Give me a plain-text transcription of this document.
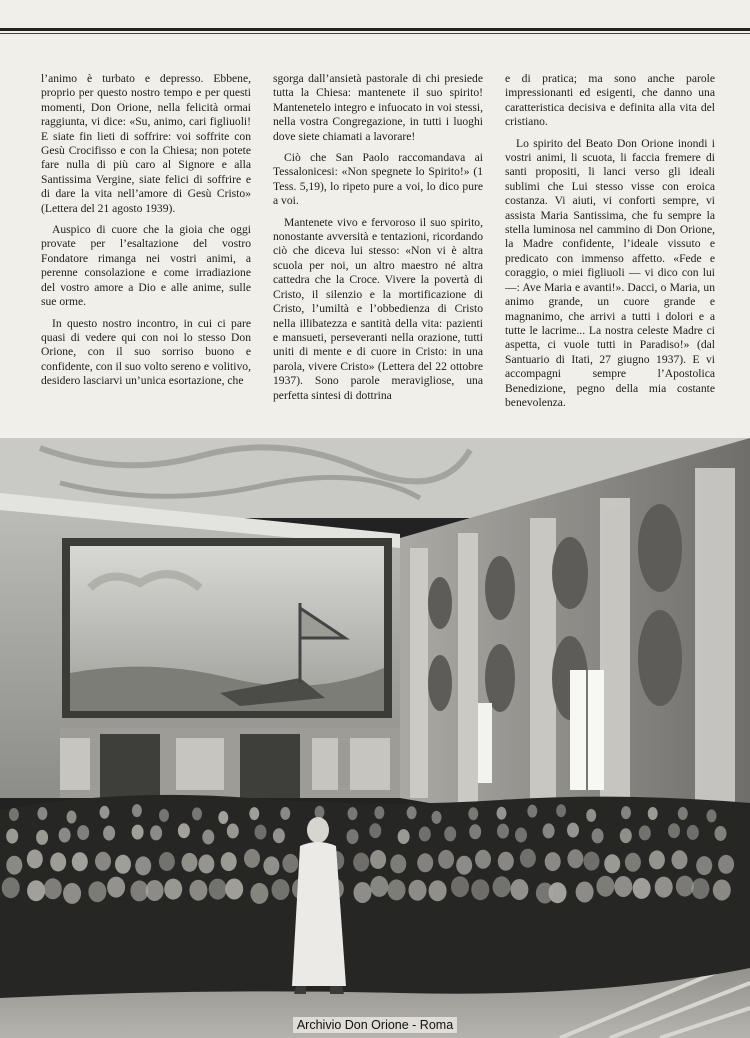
l’animo è turbato e depresso. Ebbene, proprio per questo nostro tempo e per questi momenti, Don Orione, nella felicità ormai raggiunta, vi dice: «Su, animo, cari figliuoli! E siate fin lieti di soffrire: voi soffrite con Gesù Crocifisso e con la Chiesa; non potete fare nulla di più caro al Signore e alla Santissima Vergine, siate felici di soffrire e di dare la vita nell’amore di Gesù Cristo» (Lettera del 21 agosto 1939).

Auspico di cuore che la gioia che oggi provate per l’esaltazione del vostro Fondatore rimanga nei vostri animi, a perenne consolazione e come irradiazione del vostro amore a Dio e alle anime, sulle sue orme.

In questo nostro incontro, in cui ci pare quasi di vedere qui con noi lo stesso Don Orione, con il suo sorriso buono e confidente, con il suo volto sereno e volitivo, desidero lasciarvi un’unica esortazione, che

sgorga dall’ansietà pastorale di chi presiede tutta la Chiesa: mantenete il suo spirito! Mantenetelo integro e infuocato in voi stessi, nella vostra Congregazione, in tutti i luoghi dove siete chiamati a lavorare!

Ciò che San Paolo raccomandava ai Tessalonicesi: «Non spegnete lo Spirito!» (1 Tess. 5,19), lo ripeto pure a voi, lo dico pure a voi.

Mantenete vivo e fervoroso il suo spirito, nonostante avversità e tentazioni, ricordando ciò che diceva lui stesso: «Non vi è altra scuola per noi, un altro maestro né altra cattedra che la Croce. Vivere la povertà di Cristo, il silenzio e la mortificazione di Cristo, l’umiltà e l’obbedienza di Cristo nella illibatezza e santità della vita: pazienti e mansueti, perseveranti nella orazione, tutti uniti di mente e di cuore in Cristo: in una parola, vivere Cristo» (Lettera del 22 ottobre 1937). Sono parole meravigliose, una perfetta sintesi di dottrina

e di pratica; ma sono anche parole impressionanti ed esigenti, che danno una caratteristica decisiva e definita alla vita del cristiano.

Lo spirito del Beato Don Orione inondi i vostri animi, li scuota, li faccia fremere di santi propositi, li lanci verso gli ideali sublimi che Lui stesso visse con eroica costanza. Vi aiuti, vi conforti sempre, vi assista Maria Santissima, che fu sempre la stella luminosa nel cammino di Don Orione, la Madre confidente, l’ideale vissuto e predicato con immenso affetto. «Fede e coraggio, o miei figliuoli — vi dico con lui —: Ave Maria e avanti!». Dacci, o Maria, un animo grande, un cuore grande e magnanimo, che arrivi a tutti i dolori e a tutte le lacrime... La nostra celeste Madre ci aspetta, ci vuole tutti in Paradiso!» (dal Santuario di Itati, 27 giugno 1937). E vi accompagni sempre l’Apostolica Benedizione, pegno della mia costante benevolenza.

Archivio Don Orione - Roma
